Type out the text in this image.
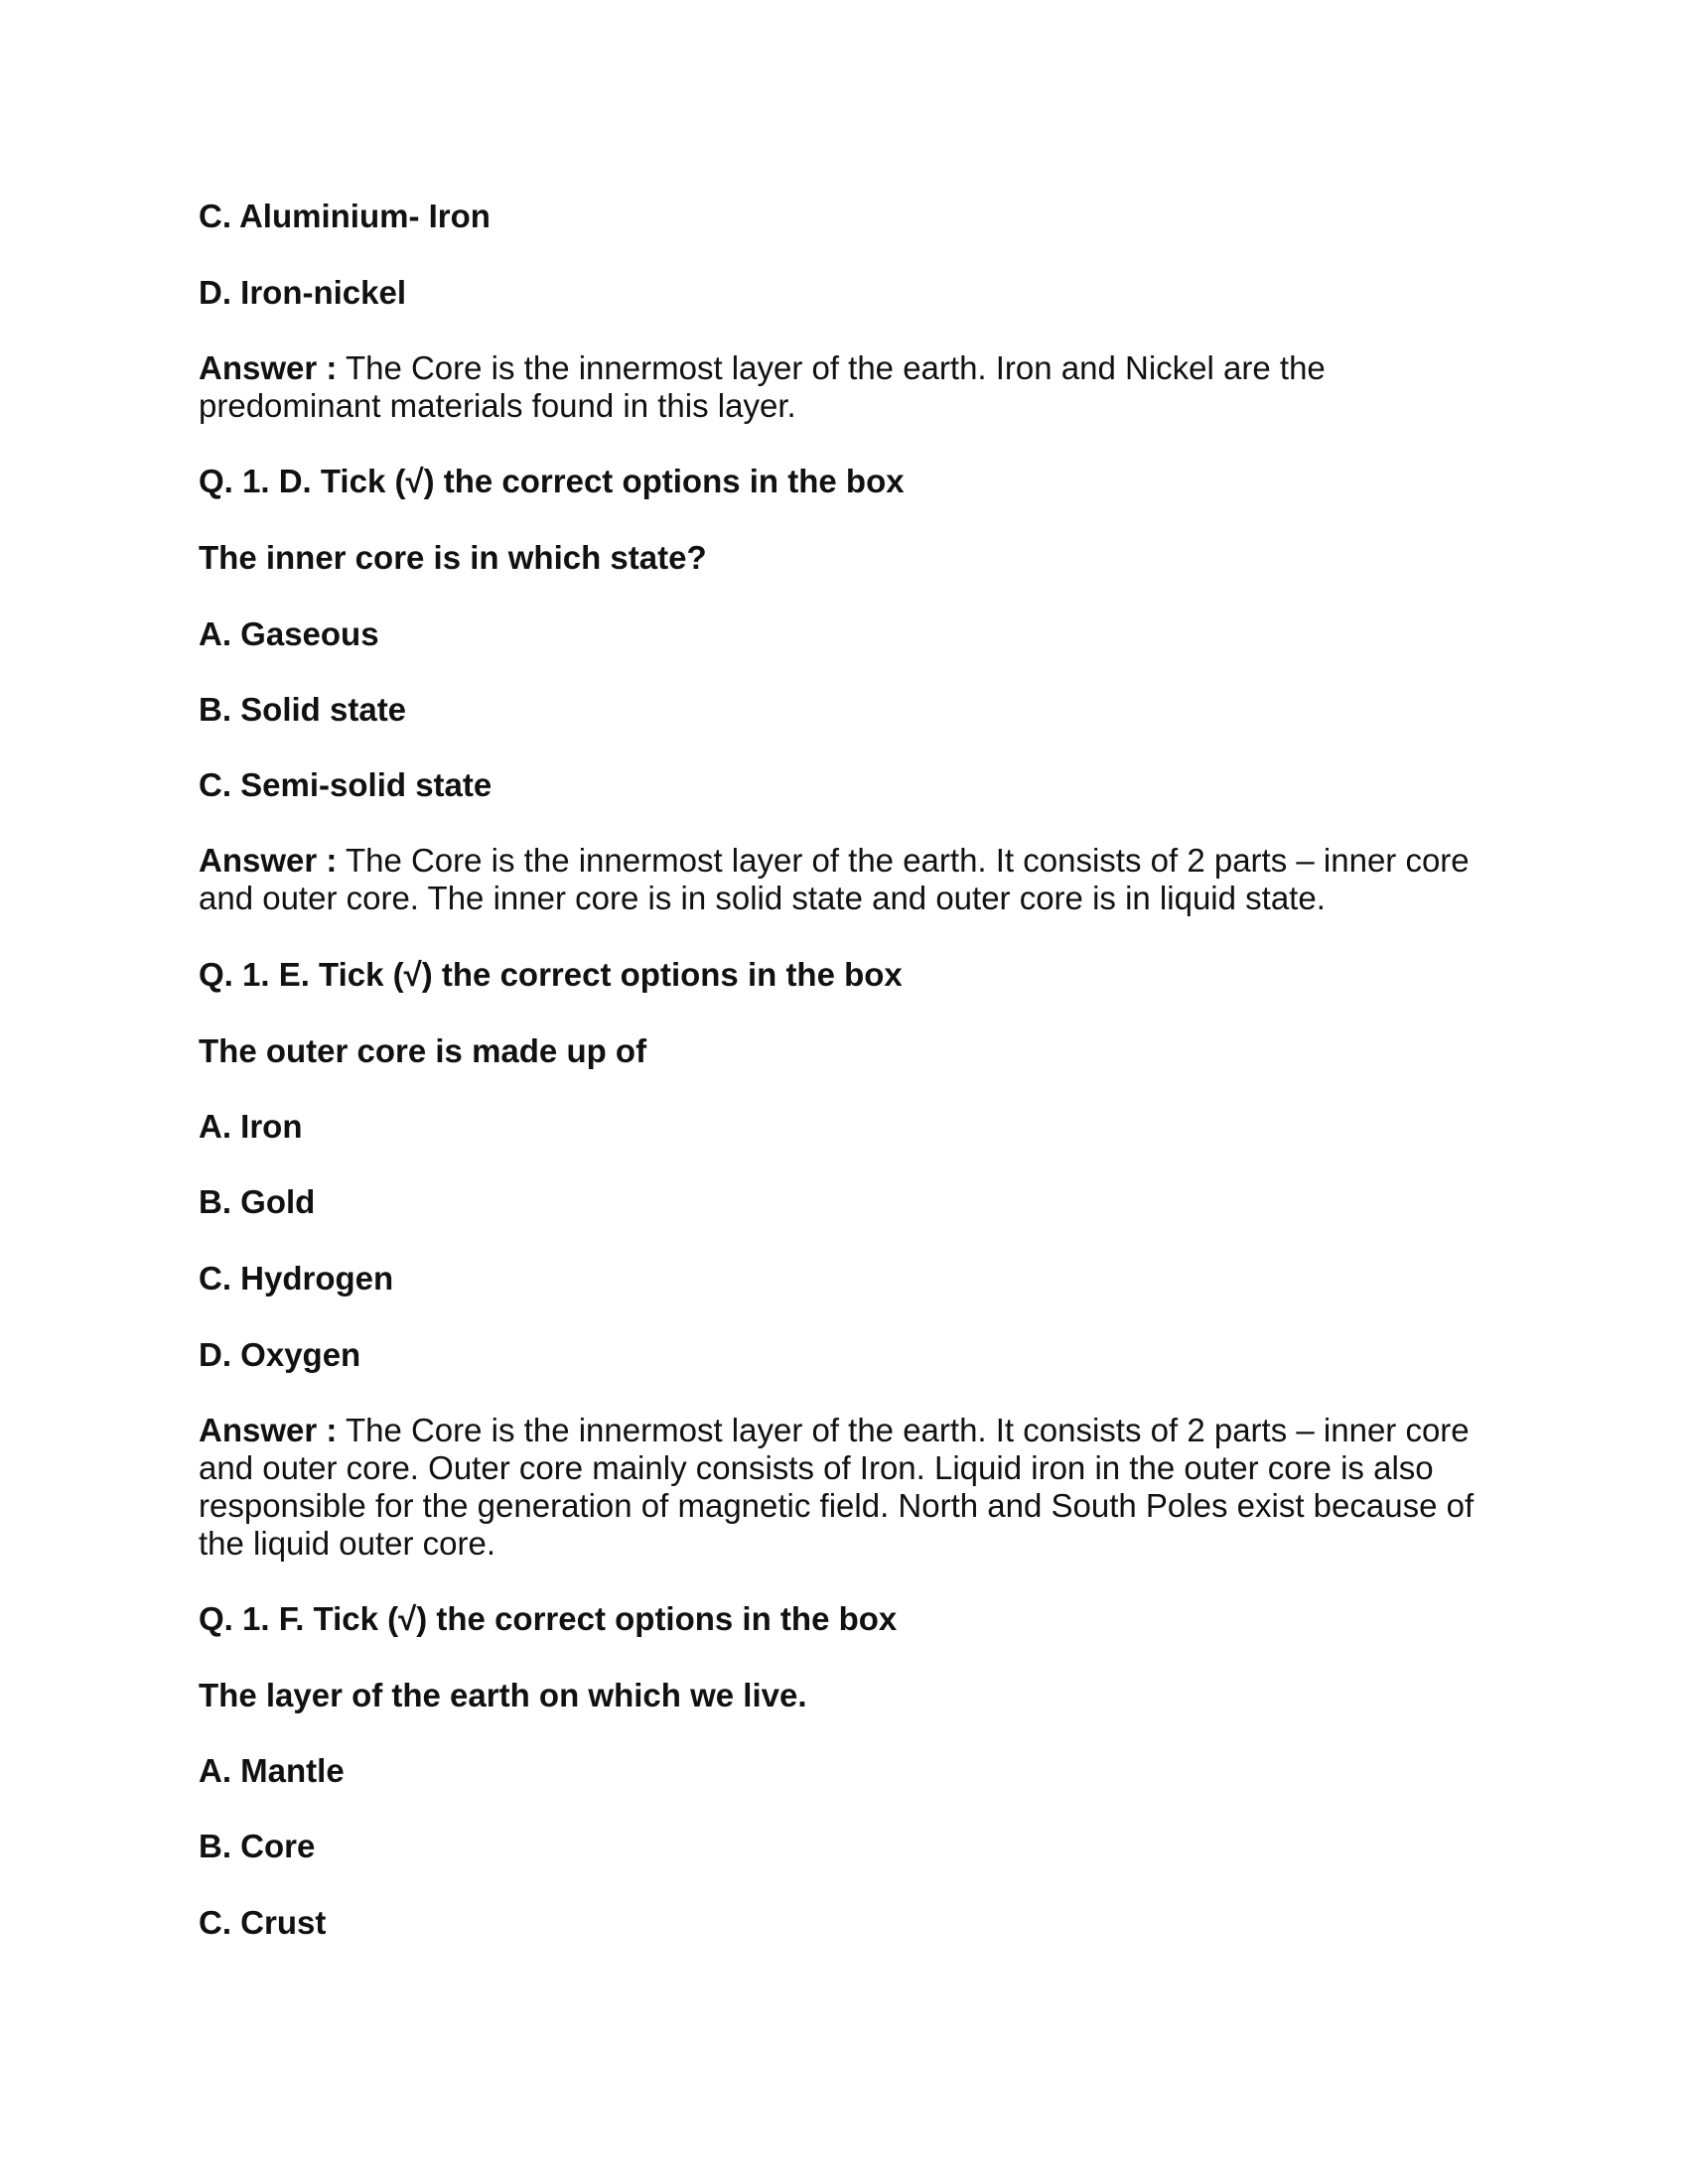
C. Aluminium- Iron
D. Iron-nickel
Answer : The Core is the innermost layer of the earth. Iron and Nickel are the predominant materials found in this layer.
Q. 1. D. Tick (√) the correct options in the box
The inner core is in which state?
A. Gaseous
B. Solid state
C. Semi-solid state
Answer : The Core is the innermost layer of the earth. It consists of 2 parts – inner core and outer core. The inner core is in solid state and outer core is in liquid state.
Q. 1. E. Tick (√) the correct options in the box
The outer core is made up of
A. Iron
B. Gold
C. Hydrogen
D. Oxygen
Answer : The Core is the innermost layer of the earth. It consists of 2 parts – inner core and outer core. Outer core mainly consists of Iron. Liquid iron in the outer core is also responsible for the generation of magnetic field. North and South Poles exist because of the liquid outer core.
Q. 1. F. Tick (√) the correct options in the box
The layer of the earth on which we live.
A. Mantle
B. Core
C. Crust
